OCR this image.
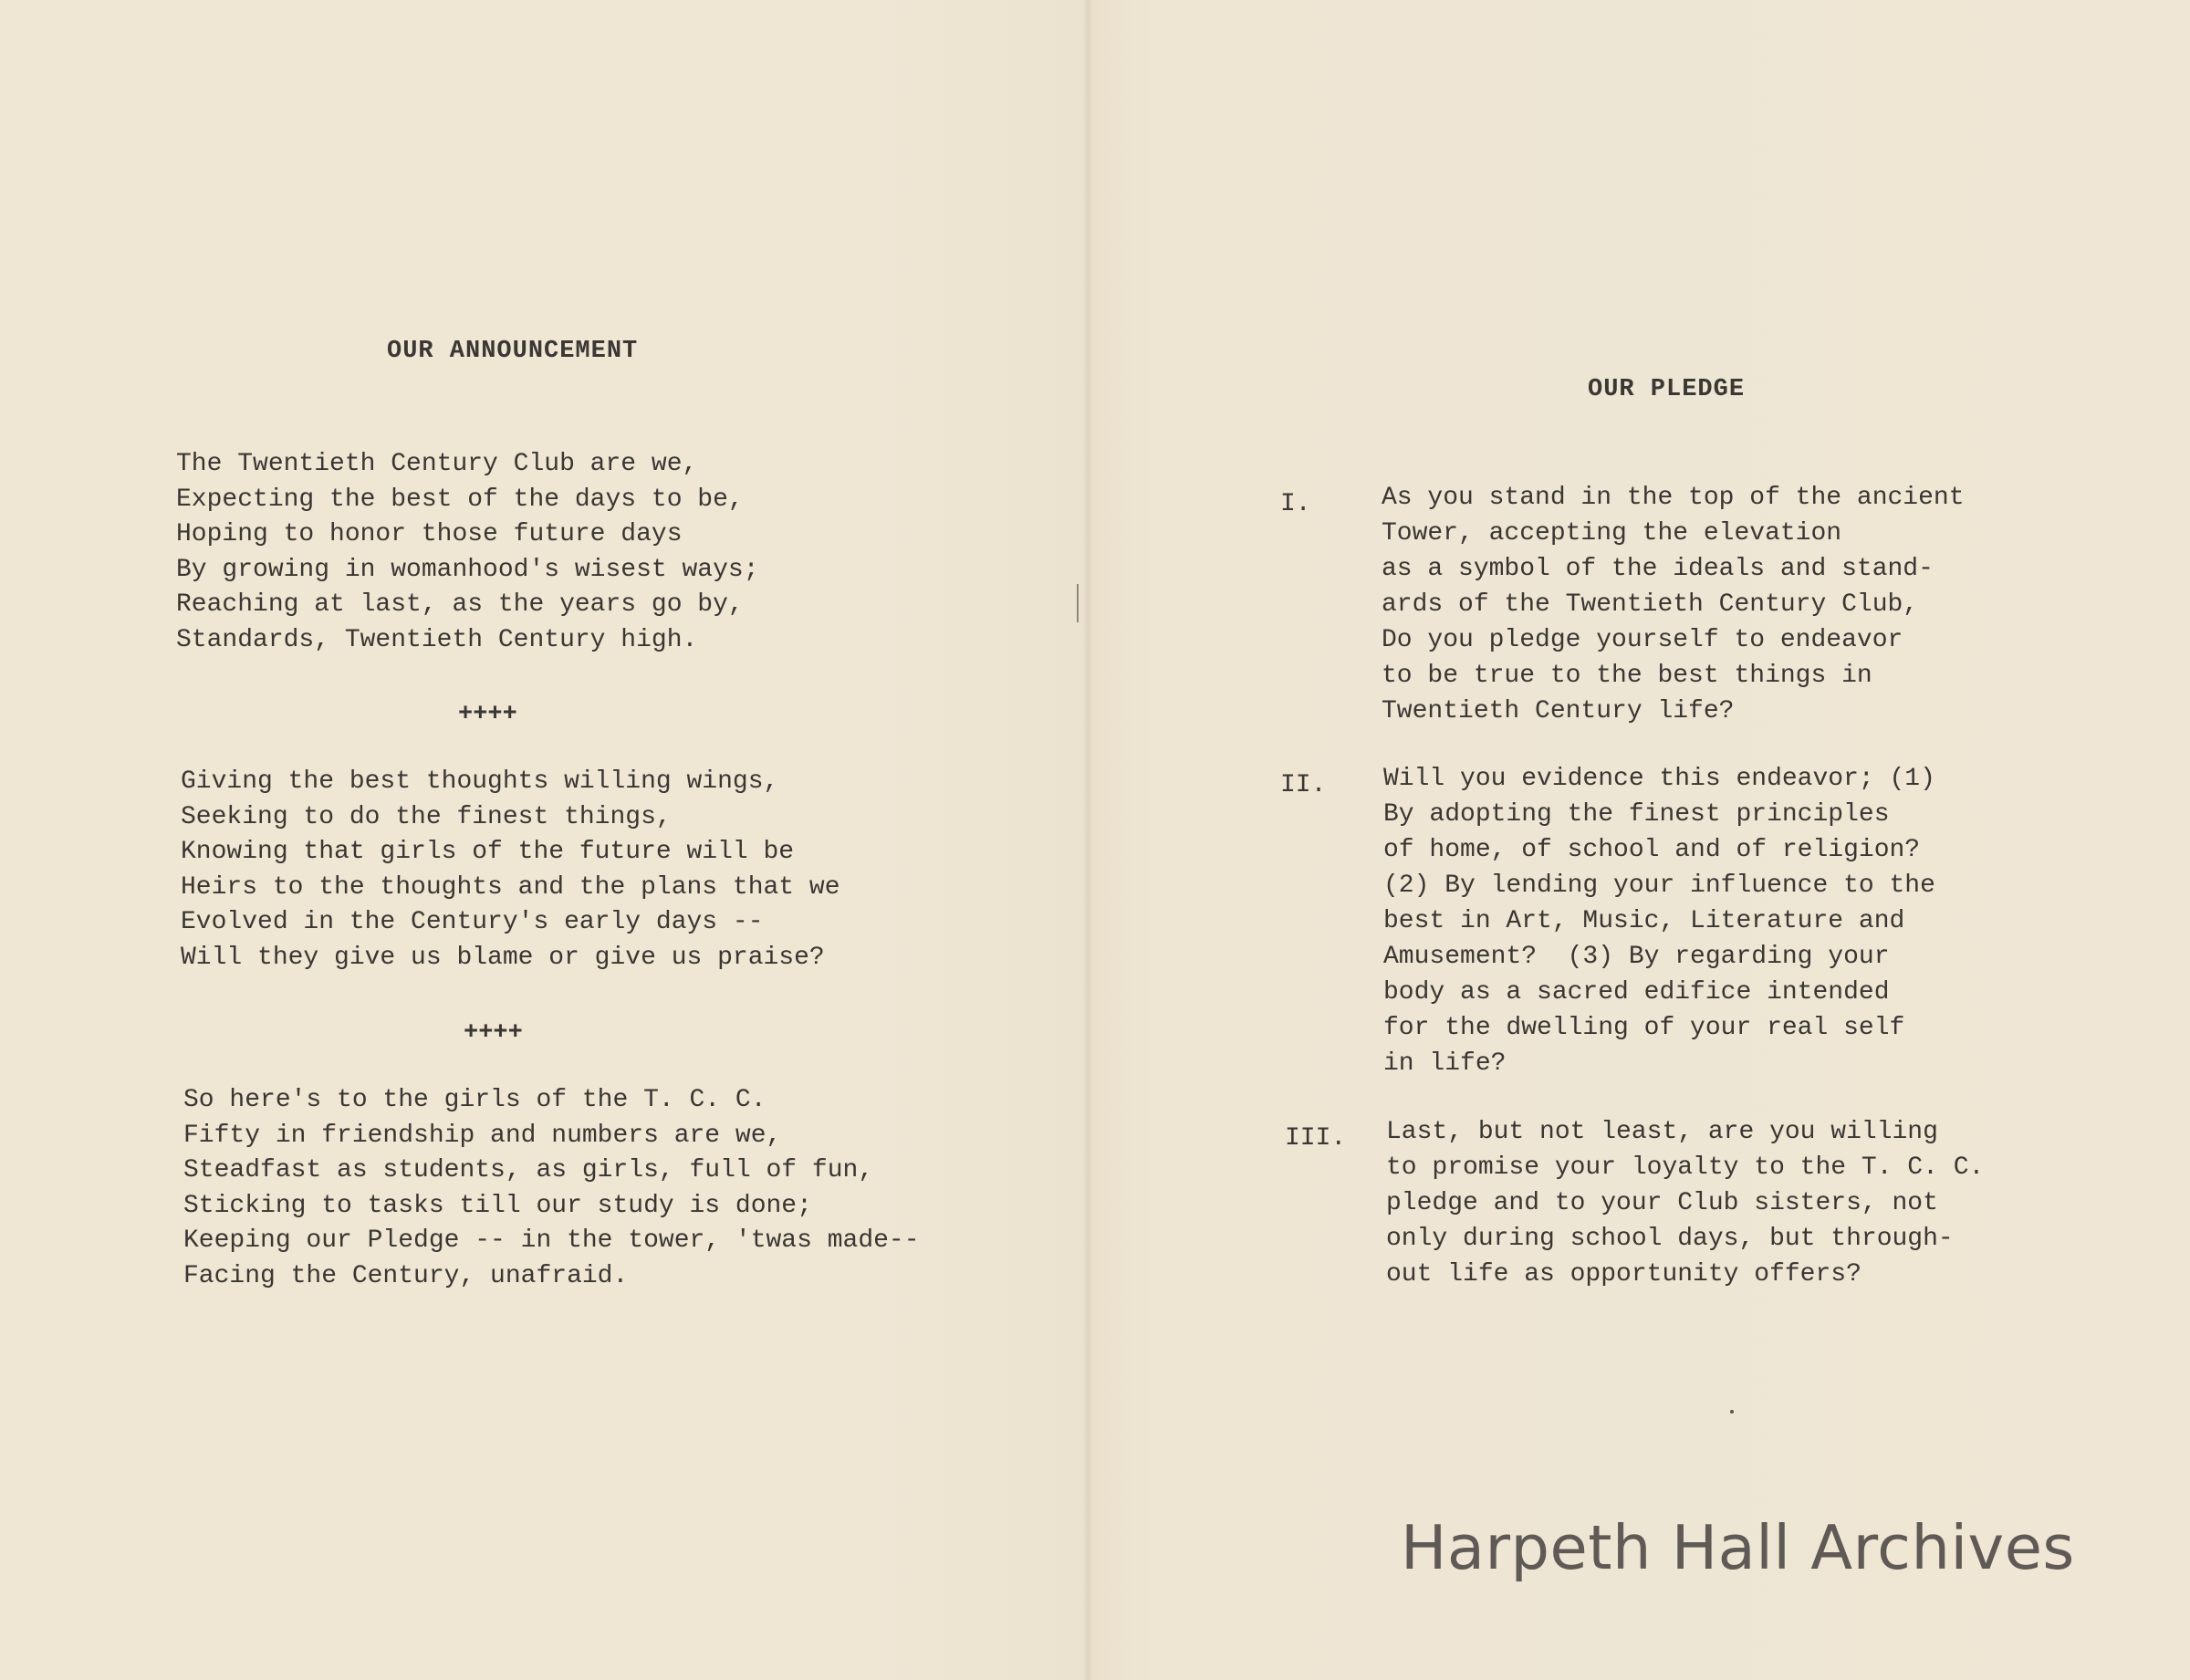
OUR ANNOUNCEMENT
The Twentieth Century Club are we,
Expecting the best of the days to be,
Hoping to honor those future days
By growing in womanhood's wisest ways;
Reaching at last, as the years go by,
Standards, Twentieth Century high.
++++
Giving the best thoughts willing wings,
Seeking to do the finest things,
Knowing that girls of the future will be
Heirs to the thoughts and the plans that we
Evolved in the Century's early days --
Will they give us blame or give us praise?
++++
So here's to the girls of the T. C. C.
Fifty in friendship and numbers are we,
Steadfast as students, as girls, full of fun,
Sticking to tasks till our study is done;
Keeping our Pledge -- in the tower, 'twas made--
Facing the Century, unafraid.
OUR PLEDGE
I.	As you stand in the top of the ancient
Tower, accepting the elevation
as a symbol of the ideals and stand-
ards of the Twentieth Century Club,
Do you pledge yourself to endeavor
to be true to the best things in
Twentieth Century life?
II. Will you evidence this endeavor; (1)
By adopting the finest principles
of home, of school and of religion?
(2) By lending your influence to the
best in Art, Music, Literature and
Amusement?  (3) By regarding your
body as a sacred edifice intended
for the dwelling of your real self
in life?
III. Last, but not least, are you willing
to promise your loyalty to the T. C. C.
pledge and to your Club sisters, not
only during school days, but through-
out life as opportunity offers?
Harpeth Hall Archives
